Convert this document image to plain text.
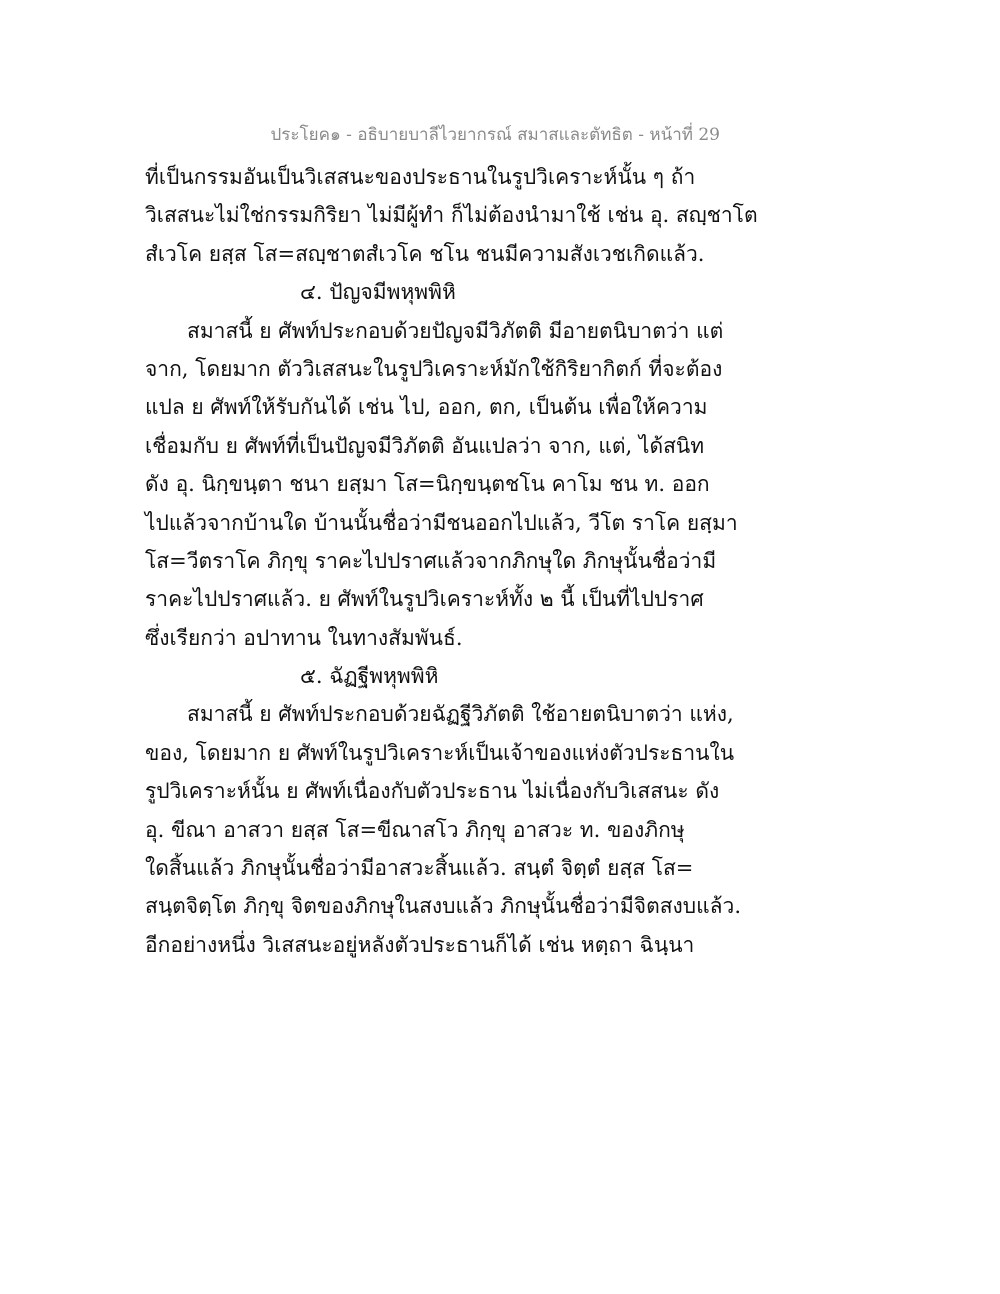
ประโยค๑ - อธิบายบาลีไวยากรณ์ สมาสและตัทธิต - หน้าที่ 29
ที่เป็นกรรมอันเป็นวิเสสนะของประธานในรูปวิเคราะห์นั้น ๆ ถ้า
วิเสสนะไม่ใช่กรรมกิริยา ไม่มีผู้ทำ ก็ไม่ต้องนำมาใช้ เช่น อุ. สญฺชาโต
สํเวโค ยสฺส โส=สญฺชาตสํเวโค ชโน ชนมีความสังเวชเกิดแล้ว.
๔. ปัญจมีพหุพพิหิ
สมาสนี้ ย ศัพท์ประกอบด้วยปัญจมีวิภัตติ มีอายตนิบาตว่า แต่
จาก, โดยมาก ตัววิเสสนะในรูปวิเคราะห์มักใช้กิริยากิตก์ ที่จะต้อง
แปล ย ศัพท์ให้รับกันได้ เช่น ไป, ออก, ตก, เป็นต้น เพื่อให้ความ
เชื่อมกับ ย ศัพท์ที่เป็นปัญจมีวิภัตติ อันแปลว่า จาก, แต่, ได้สนิท
ดัง อุ. นิกฺขนฺตา ชนา ยสฺมา โส=นิกฺขนฺตชโน คาโม ชน ท. ออก
ไปแล้วจากบ้านใด บ้านนั้นชื่อว่ามีชนออกไปแล้ว, วีโต ราโค ยสฺมา
โส=วีตราโค ภิกฺขุ ราคะไปปราศแล้วจากภิกษุใด ภิกษุนั้นชื่อว่ามี
ราคะไปปราศแล้ว. ย ศัพท์ในรูปวิเคราะห์ทั้ง ๒ นี้ เป็นที่ไปปราศ
ซึ่งเรียกว่า อปาทาน ในทางสัมพันธ์.
๕. ฉัฏฐีพหุพพิหิ
สมาสนี้ ย ศัพท์ประกอบด้วยฉัฏฐีวิภัตติ ใช้อายตนิบาตว่า แห่ง,
ของ, โดยมาก ย ศัพท์ในรูปวิเคราะห์เป็นเจ้าของแห่งตัวประธานใน
รูปวิเคราะห์นั้น ย ศัพท์เนื่องกับตัวประธาน ไม่เนื่องกับวิเสสนะ ดัง
อุ. ขีณา อาสวา ยสฺส โส=ขีณาสโว ภิกฺขุ อาสวะ ท. ของภิกษุ
ใดสิ้นแล้ว ภิกษุนั้นชื่อว่ามีอาสวะสิ้นแล้ว. สนฺตํ จิตฺตํ ยสฺส โส=
สนฺตจิตฺโต ภิกฺขุ จิตของภิกษุในสงบแล้ว ภิกษุนั้นชื่อว่ามีจิตสงบแล้ว.
อีกอย่างหนึ่ง วิเสสนะอยู่หลังตัวประธานก็ได้ เช่น หตฺถา ฉินฺนา
